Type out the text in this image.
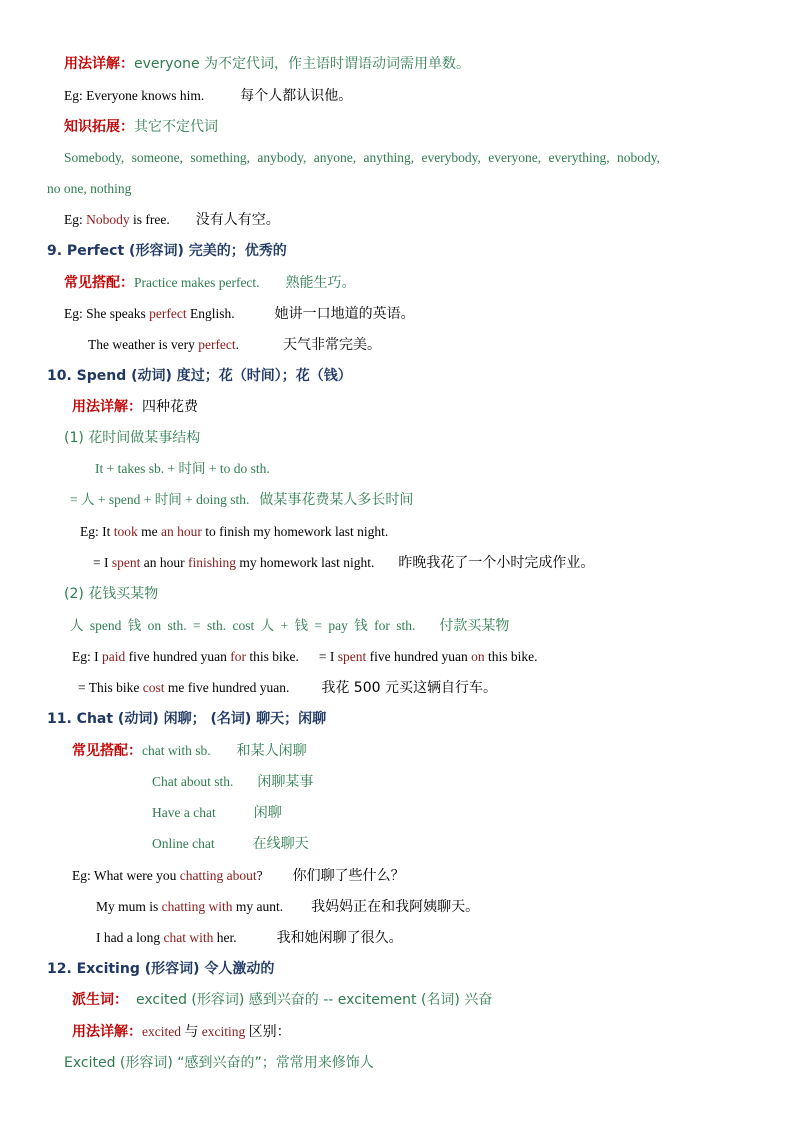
用法详解：everyone 为不定代词，作主语时谓语动词需用单数。
Eg: Everyone knows him.	每个人都认识他。
知识拓展：其它不定代词
Somebody, someone, something, anybody, anyone, anything, everybody, everyone, everything, nobody,
no one, nothing
Eg: Nobody is free. 没有人有空。
9. Perfect (形容词) 完美的；优秀的
常见搭配：Practice makes perfect. 熟能生巧。
Eg: She speaks perfect English.	她讲一口地道的英语。
The weather is very perfect.	天气非常完美。
10. Spend (动词) 度过；花（时间）；花（钱）
用法详解：四种花费
(1) 花时间做某事结构
It + takes sb. + 时间 + to do sth.
= 人 + spend + 时间 + doing sth. 做某事花费某人多长时间
Eg: It took me an hour to finish my homework last night.
= I spent an hour finishing my homework last night. 昨晚我花了一个小时完成作业。
(2) 花钱买某物
人 spend 钱 on sth. = sth. cost 人 + 钱 = pay 钱 for sth. 付款买某物
Eg: I paid five hundred yuan for this bike. = I spent five hundred yuan on this bike.
= This bike cost me five hundred yuan. 我花 500 元买这辆自行车。
11. Chat (动词) 闲聊； (名词) 聊天；闲聊
常见搭配：chat with sb. 和某人闲聊
Chat about sth. 闲聊某事
Have a chat	闲聊
Online chat	在线聊天
Eg: What were you chatting about? 你们聊了些什么？
My mum is chatting with my aunt. 我妈妈正在和我阿姨聊天。
I had a long chat with her.	我和她闲聊了很久。
12. Exciting (形容词) 令人激动的
派生词： excited (形容词) 感到兴奋的 -- excitement (名词) 兴奋
用法详解：excited 与 exciting 区别：
Excited (形容词) “感到兴奋的”；常常用来修饰人
